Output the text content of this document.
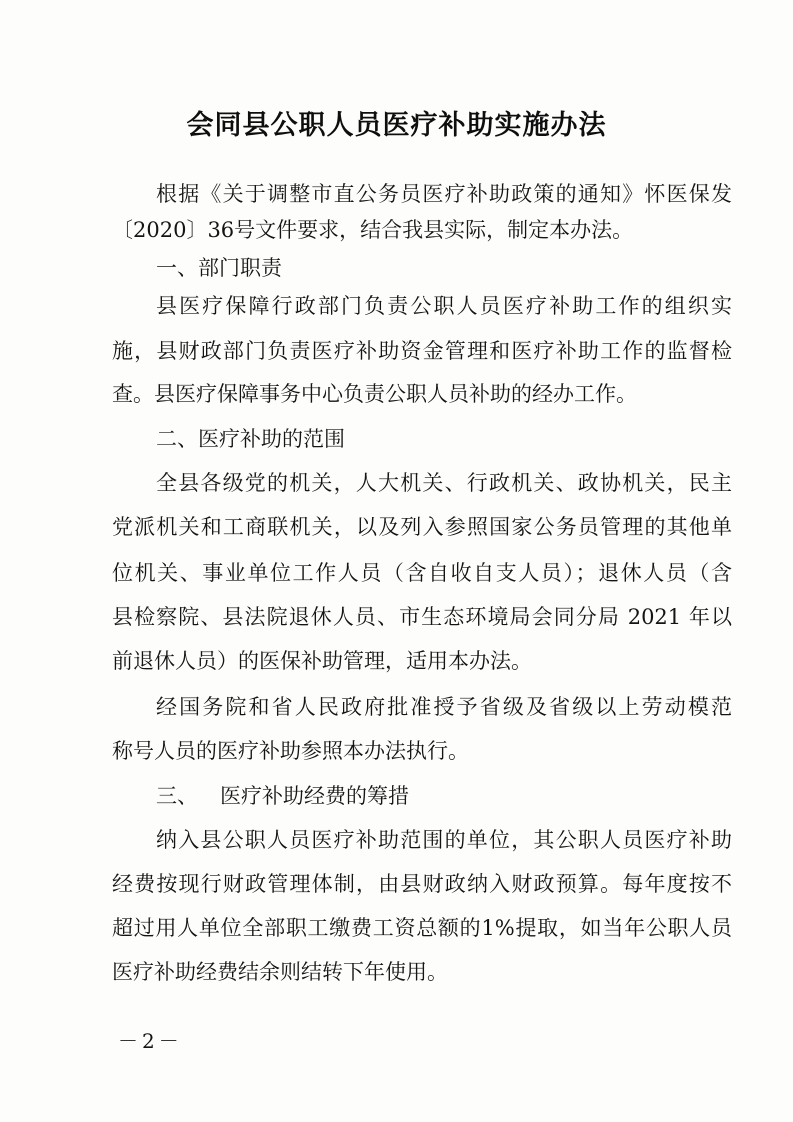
会同县公职人员医疗补助实施办法

根据《关于调整市直公务员医疗补助政策的通知》怀医保发

〔2020〕36号文件要求，结合我县实际，制定本办法。

一、部门职责

县医疗保障行政部门负责公职人员医疗补助工作的组织实

施，县财政部门负责医疗补助资金管理和医疗补助工作的监督检

查。县医疗保障事务中心负责公职人员补助的经办工作。

二、医疗补助的范围

全县各级党的机关，人大机关、行政机关、政协机关，民主

党派机关和工商联机关，以及列入参照国家公务员管理的其他单

位机关、事业单位工作人员（含自收自支人员）；退休人员（含

县检察院、县法院退休人员、市生态环境局会同分局 2021 年以

前退休人员）的医保补助管理，适用本办法。

经国务院和省人民政府批准授予省级及省级以上劳动模范

称号人员的医疗补助参照本办法执行。

三、 医疗补助经费的筹措

纳入县公职人员医疗补助范围的单位，其公职人员医疗补助

经费按现行财政管理体制，由县财政纳入财政预算。每年度按不

超过用人单位全部职工缴费工资总额的1%提取，如当年公职人员

医疗补助经费结余则结转下年使用。

－2－
